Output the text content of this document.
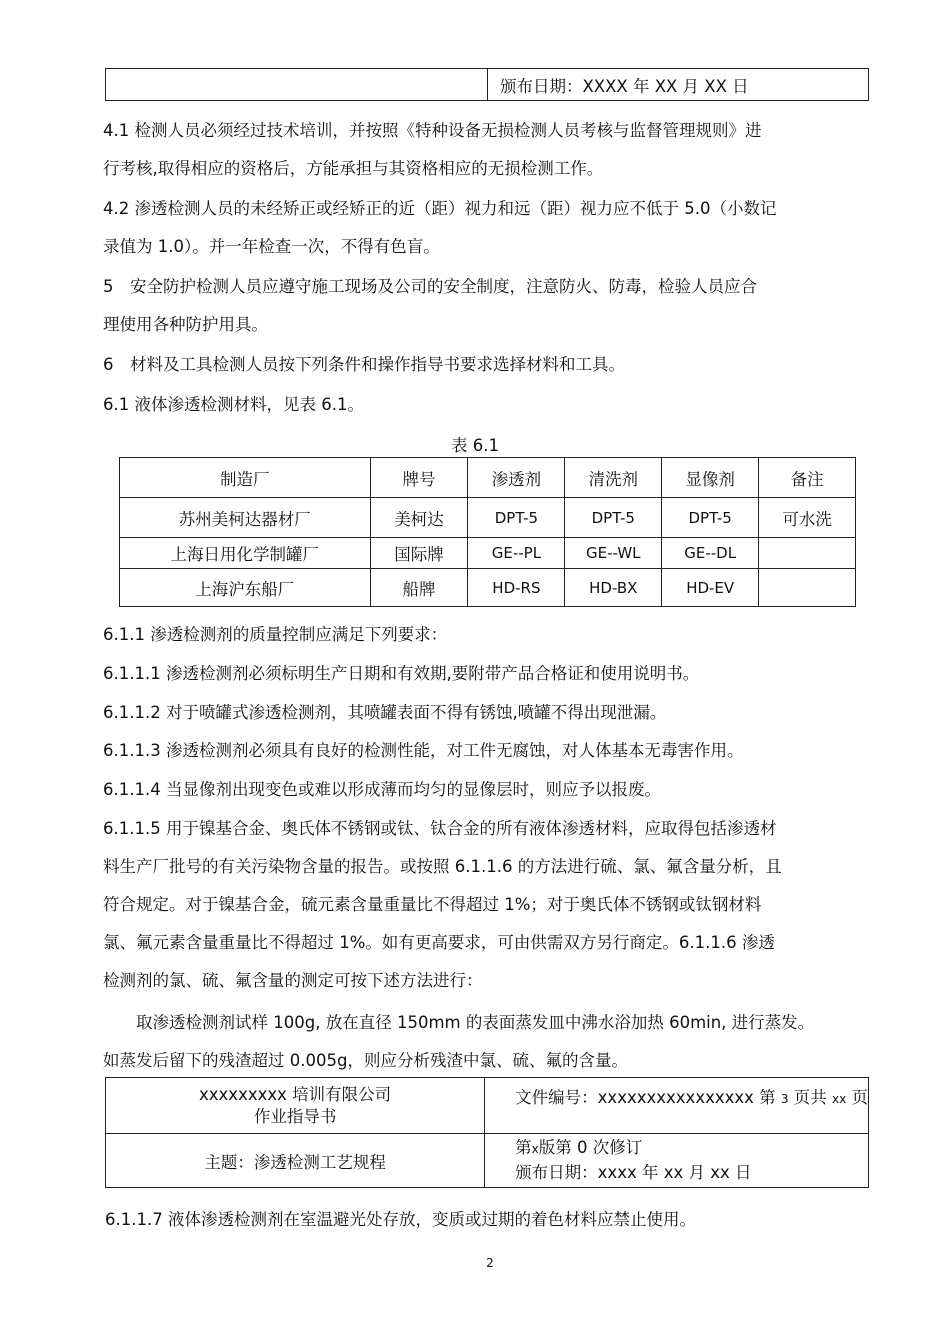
	颁布日期：XXXX 年 XX 月 XX 日
4.1 检测人员必须经过技术培训，并按照《特种设备无损检测人员考核与监督管理规则》进
行考核,取得相应的资格后，方能承担与其资格相应的无损检测工作。
4.2 渗透检测人员的未经矫正或经矫正的近（距）视力和远（距）视力应不低于 5.0（小数记
录值为 1.0）。并一年检查一次，不得有色盲。
5　安全防护检测人员应遵守施工现场及公司的安全制度，注意防火、防毒，检验人员应合
理使用各种防护用具。
6　材料及工具检测人员按下列条件和操作指导书要求选择材料和工具。
6.1 液体渗透检测材料，见表 6.1。
表 6.1
制造厂	牌号	渗透剂	清洗剂	显像剂	备注
苏州美柯达器材厂	美柯达	DPT-5	DPT-5	DPT-5	可水洗
上海日用化学制罐厂	国际牌	GE--PL	GE--WL	GE--DL	
上海沪东船厂	船牌	HD-RS	HD-BX	HD-EV	
6.1.1 渗透检测剂的质量控制应满足下列要求：
6.1.1.1 渗透检测剂必须标明生产日期和有效期,要附带产品合格证和使用说明书。
6.1.1.2 对于喷罐式渗透检测剂，其喷罐表面不得有锈蚀,喷罐不得出现泄漏。
6.1.1.3 渗透检测剂必须具有良好的检测性能，对工件无腐蚀，对人体基本无毒害作用。
6.1.1.4 当显像剂出现变色或难以形成薄而均匀的显像层时，则应予以报废。
6.1.1.5 用于镍基合金、奥氏体不锈钢或钛、钛合金的所有液体渗透材料，应取得包括渗透材
料生产厂批号的有关污染物含量的报告。或按照 6.1.1.6 的方法进行硫、氯、氟含量分析，且
符合规定。对于镍基合金，硫元素含量重量比不得超过 1%；对于奥氏体不锈钢或钛钢材料
氯、氟元素含量重量比不得超过 1%。如有更高要求，可由供需双方另行商定。6.1.1.6 渗透
检测剂的氯、硫、氟含量的测定可按下述方法进行：
　　取渗透检测剂试样 100g, 放在直径 150mm 的表面蒸发皿中沸水浴加热 60min, 进行蒸发。
如蒸发后留下的残渣超过 0.005g，则应分析残渣中氯、硫、氟的含量。
xxxxxxxxx 培训有限公司
作业指导书	文件编号：xxxxxxxxxxxxxxxx 第 3 页共 xx 页
主题：渗透检测工艺规程	第x版第 0 次修订
颁布日期：xxxx 年 xx 月 xx 日
6.1.1.7 液体渗透检测剂在室温避光处存放，变质或过期的着色材料应禁止使用。
2
